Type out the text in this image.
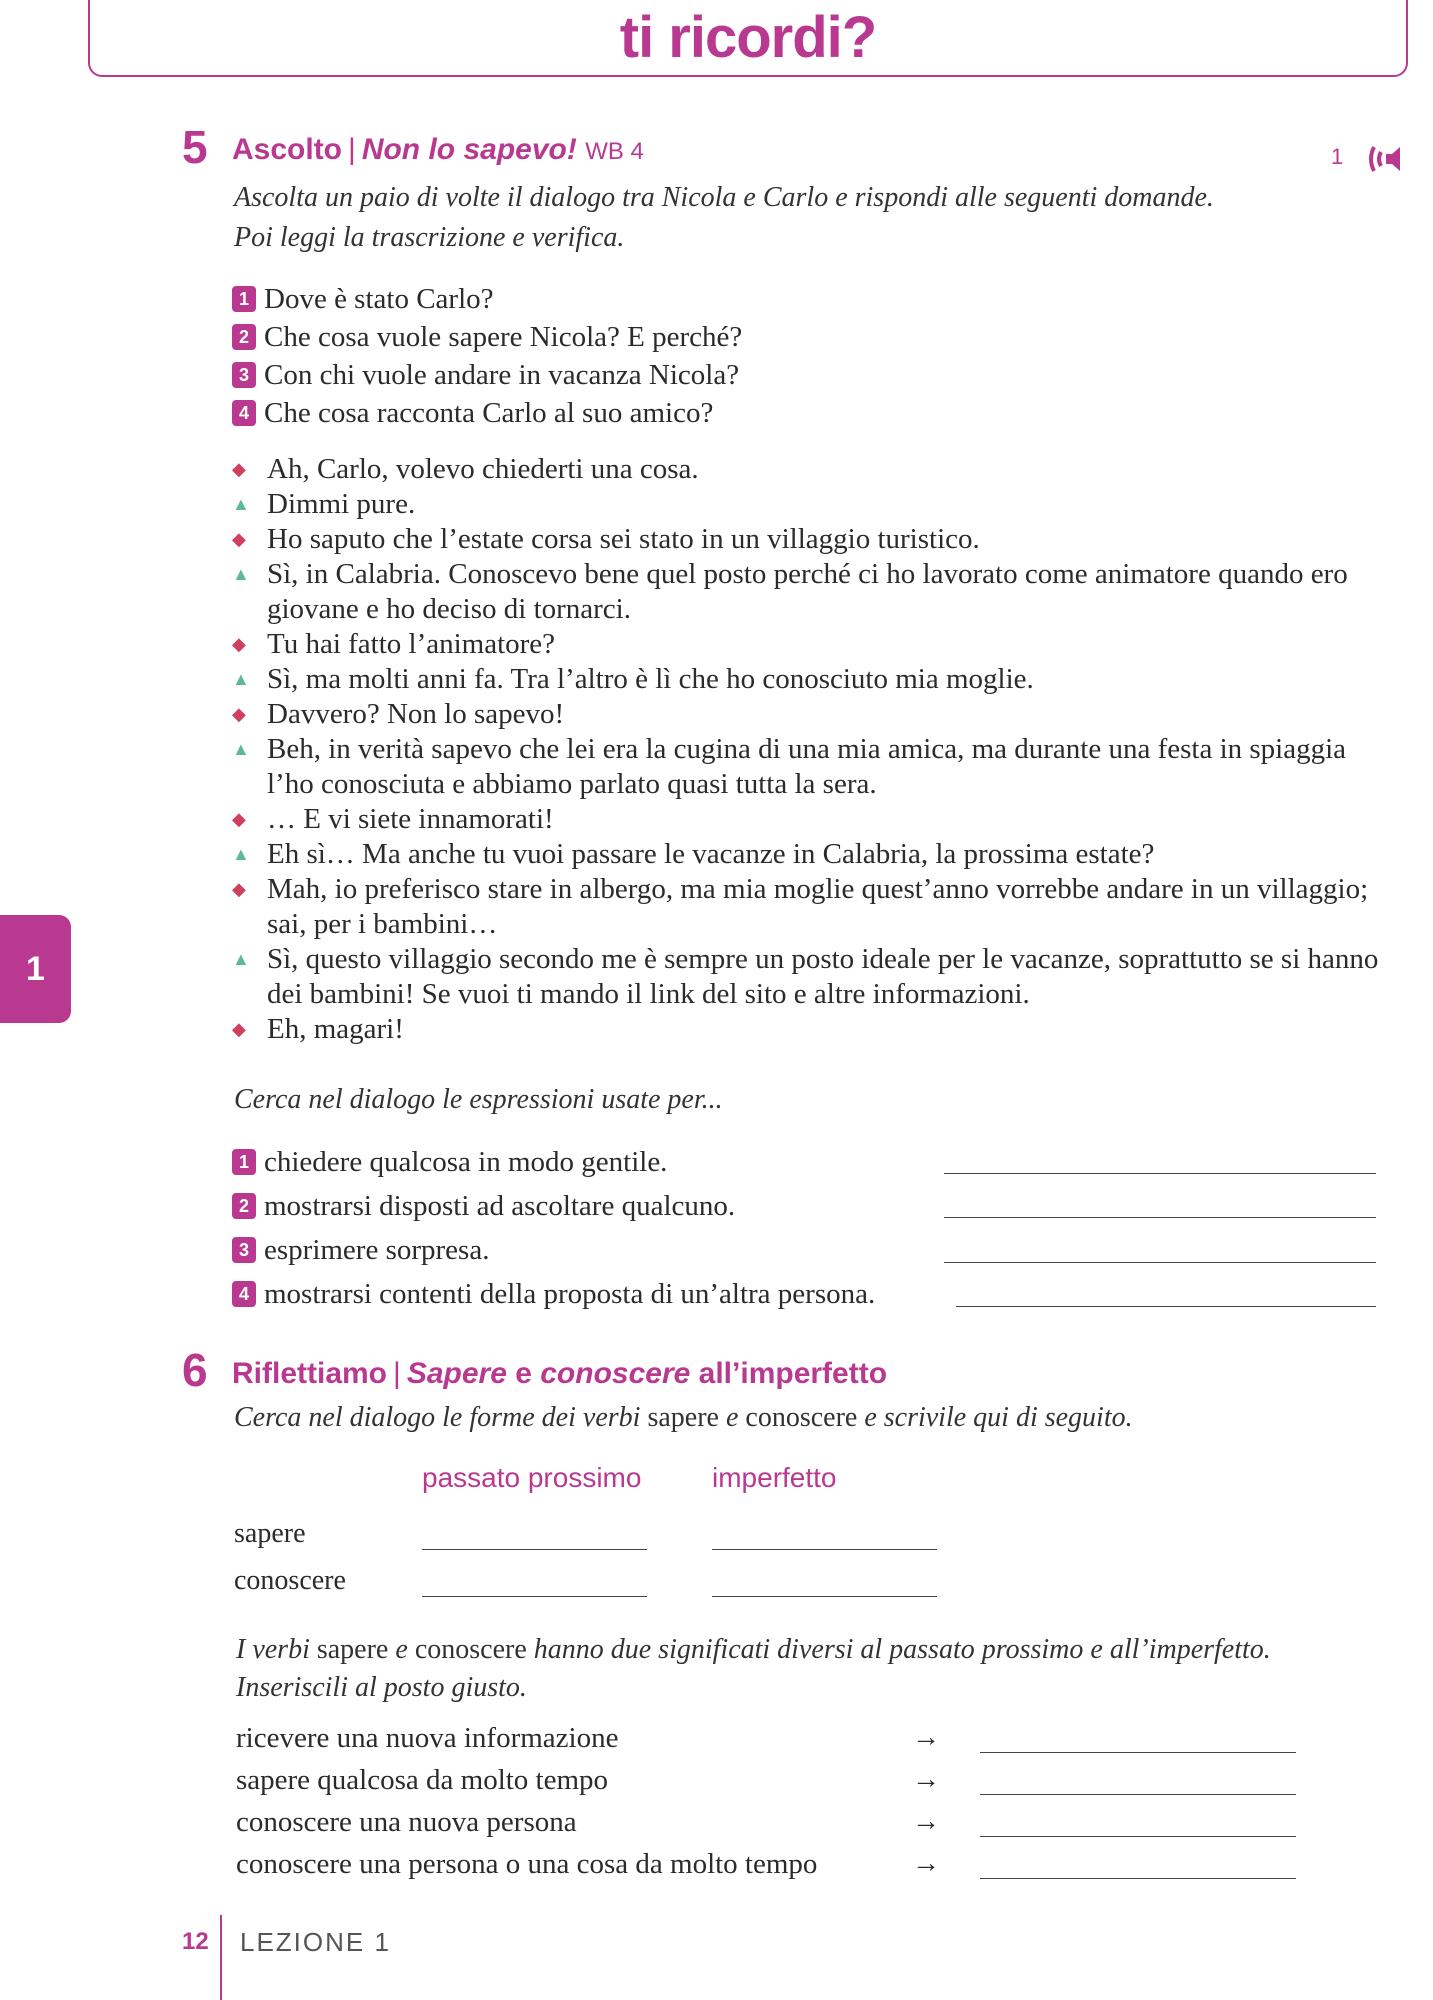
ti ricordi?
5 Ascolto | Non lo sapevo! WB 4	1
Ascolta un paio di volte il dialogo tra Nicola e Carlo e rispondi alle seguenti domande.
Poi leggi la trascrizione e verifica.
1 Dove è stato Carlo?
2 Che cosa vuole sapere Nicola? E perché?
3 Con chi vuole andare in vacanza Nicola?
4 Che cosa racconta Carlo al suo amico?
◆ Ah, Carlo, volevo chiederti una cosa.
▲ Dimmi pure.
◆ Ho saputo che l’estate corsa sei stato in un villaggio turistico.
▲ Sì, in Calabria. Conoscevo bene quel posto perché ci ho lavorato come animatore quando ero giovane e ho deciso di tornarci.
◆ Tu hai fatto l’animatore?
▲ Sì, ma molti anni fa. Tra l’altro è lì che ho conosciuto mia moglie.
◆ Davvero? Non lo sapevo!
▲ Beh, in verità sapevo che lei era la cugina di una mia amica, ma durante una festa in spiaggia l’ho conosciuta e abbiamo parlato quasi tutta la sera.
◆ … E vi siete innamorati!
▲ Eh sì… Ma anche tu vuoi passare le vacanze in Calabria, la prossima estate?
◆ Mah, io preferisco stare in albergo, ma mia moglie quest’anno vorrebbe andare in un villaggio; sai, per i bambini…
▲ Sì, questo villaggio secondo me è sempre un posto ideale per le vacanze, soprattutto se si hanno dei bambini! Se vuoi ti mando il link del sito e altre informazioni.
◆ Eh, magari!
Cerca nel dialogo le espressioni usate per...
1 chiedere qualcosa in modo gentile.
2 mostrarsi disposti ad ascoltare qualcuno.
3 esprimere sorpresa.
4 mostrarsi contenti della proposta di un’altra persona.
6 Riflettiamo | Sapere e conoscere all’imperfetto
Cerca nel dialogo le forme dei verbi sapere e conoscere e scrivile qui di seguito.
passato prossimo	imperfetto
sapere
conoscere
I verbi sapere e conoscere hanno due significati diversi al passato prossimo e all’imperfetto.
Inseriscili al posto giusto.
ricevere una nuova informazione
sapere qualcosa da molto tempo
conoscere una nuova persona
conoscere una persona o una cosa da molto tempo
→
→
→
→
1
12 LEZIONE 1
